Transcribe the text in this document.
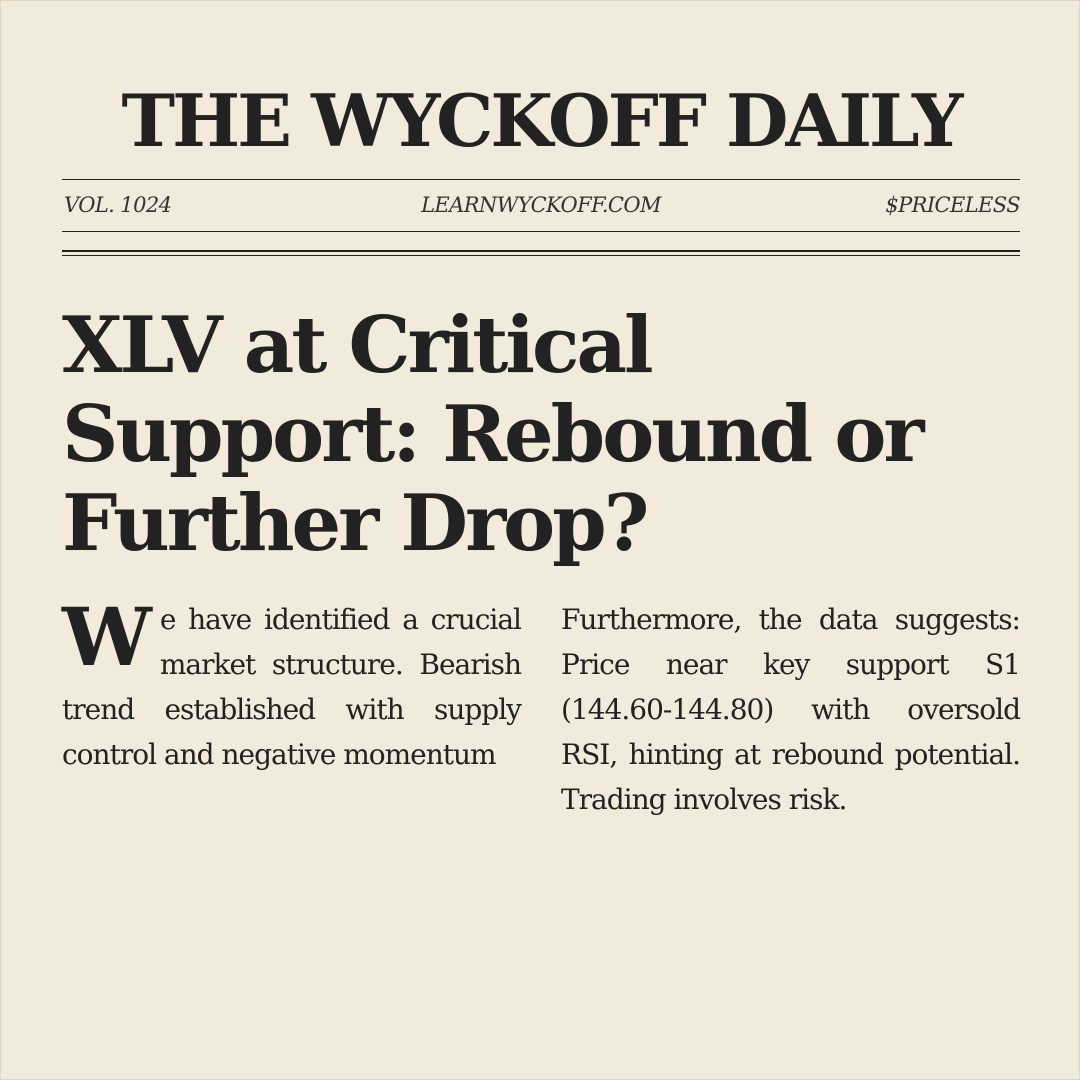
THE WYCKOFF DAILY
VOL. 1024	LEARNWYCKOFF.COM	$PRICELESS
XLV at Critical Support: Rebound or Further Drop?
W e have identified a crucial market structure. Bearish trend established with supply control and negative momentum
Furthermore, the data suggests: Price near key support S1 (144.60-144.80) with oversold RSI, hinting at rebound potential. Trading involves risk.
